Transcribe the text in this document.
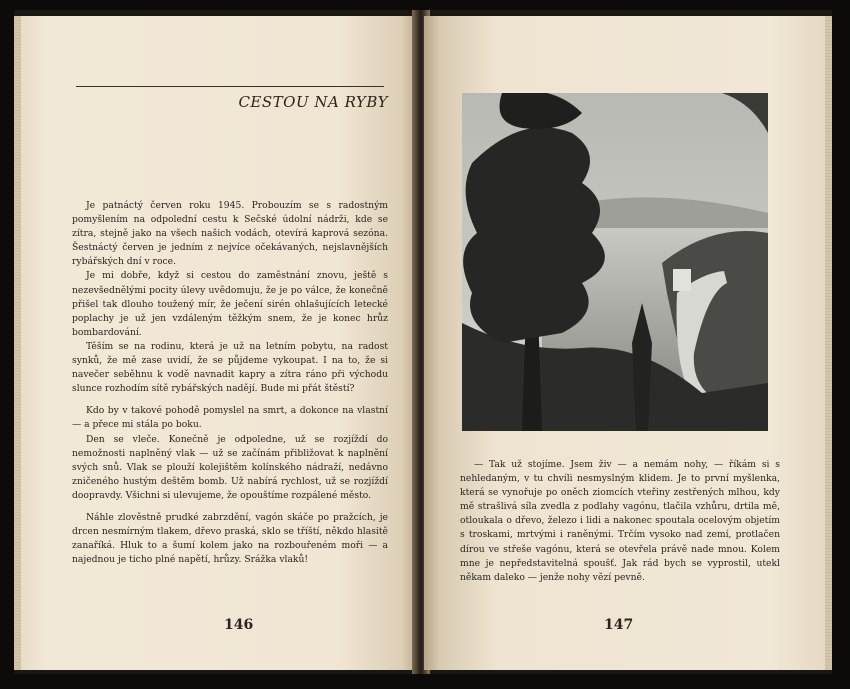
CESTOU NA RYBY

Je patnáctý červen roku 1945. Probouzím se s radostným pomyšlením na odpolední cestu k Sečské údolní nádrži, kde se zítra, stejně jako na všech našich vodách, otevírá kaprová sezóna. Šestnáctý červen je jedním z nejvíce očekávaných, nejslavnějších rybářských dní v roce.

Je mi dobře, když si cestou do zaměstnání znovu, ještě s nezevšednělými pocity úlevy uvědomuju, že je po válce, že konečně přišel tak dlouho toužený mír, že ječení sirén ohlašujících letecké poplachy je už jen vzdáleným těžkým snem, že je konec hrůz bombardování.

Těším se na rodinu, která je už na letním pobytu, na radost synků, že mě zase uvidí, že se půjdeme vykoupat. I na to, že si navečer seběhnu k vodě navnadit kapry a zítra ráno při východu slunce rozhodím sítě rybářských nadějí. Bude mi přát štěstí?

Kdo by v takové pohodě pomyslel na smrt, a dokonce na vlastní — a přece mi stála po boku.

Den se vleče. Konečně je odpoledne, už se rozjíždí do nemožnosti naplněný vlak — už se začínám přibližovat k naplnění svých snů. Vlak se plouží kolejištěm kolínského nádraží, nedávno zničeného hustým deštěm bomb. Už nabírá rychlost, už se rozjíždí doopravdy. Všichni si ulevujeme, že opouštíme rozpálené město.

Náhle zlověstně prudké zabrzdění, vagón skáče po pražcích, je drcen nesmírným tlakem, dřevo praská, sklo se tříští, někdo hlasitě zanaříká. Hluk to a šumí kolem jako na rozbouřeném moři — a najednou je ticho plné napětí, hrůzy. Srážka vlaků!

146

— Tak už stojíme. Jsem živ — a nemám nohy, — říkám si s nehledaným, v tu chvíli nesmyslným klidem. Je to první myšlenka, která se vynořuje po oněch ziomcích vteřiny zestřených mlhou, kdy mě strašlivá síla zvedla z podlahy vagónu, tlačila vzhůru, drtila mě, otloukala o dřevo, železo i lidi a nakonec spoutala ocelovým objetím s troskami, mrtvými i raněnými. Trčím vysoko nad zemí, protlačen dírou ve střeše vagónu, která se otevřela právě nade mnou. Kolem mne je nepředstavitelná spoušť. Jak rád bych se vyprostil, utekl někam daleko — jenže nohy vězí pevně.

147
